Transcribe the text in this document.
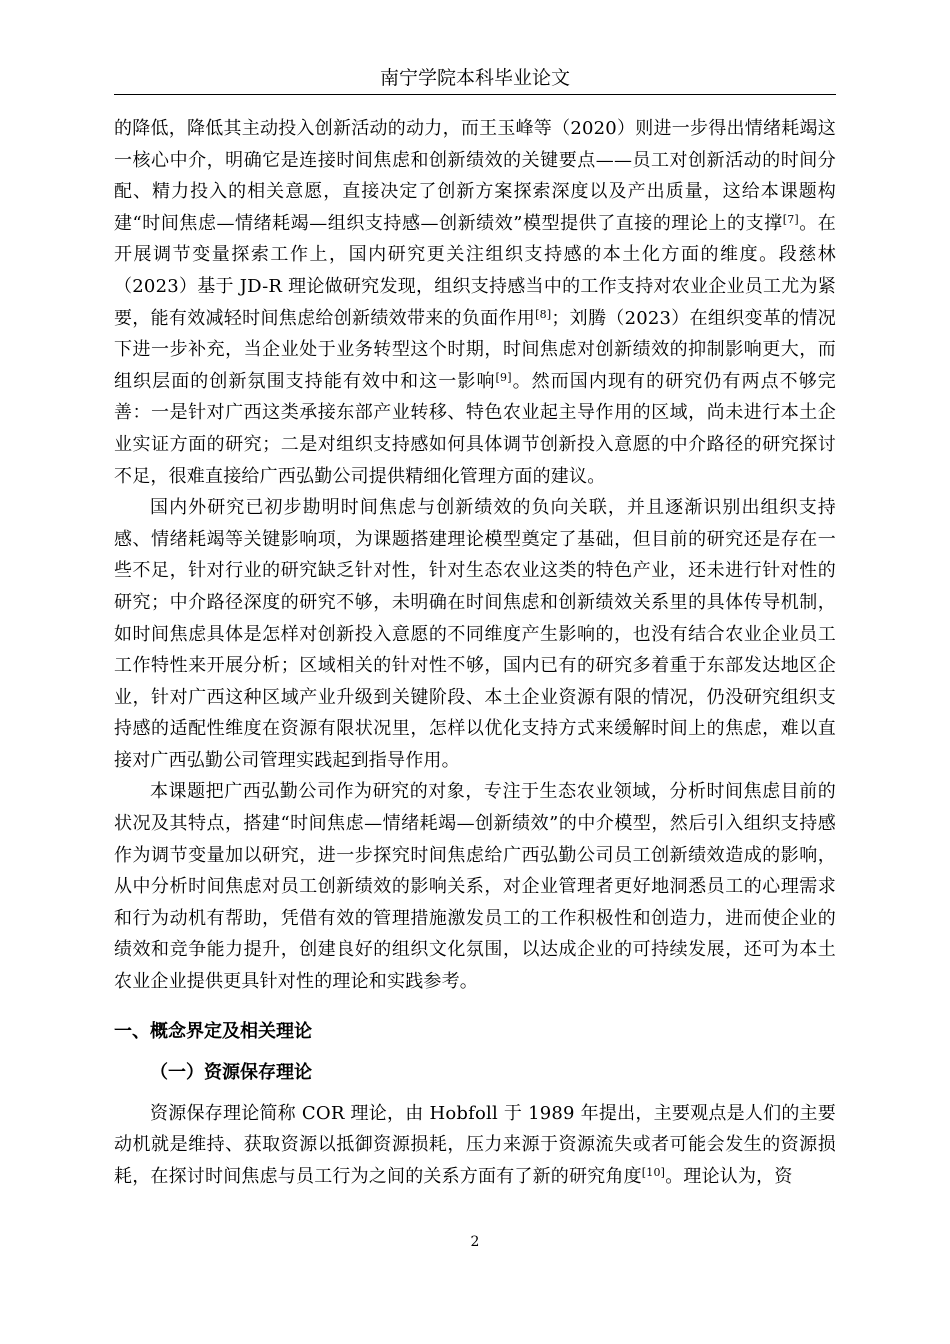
南宁学院本科毕业论文

的降低，降低其主动投入创新活动的动力，而王玉峰等（2020）则进一步得出情绪耗竭这一核心中介，明确它是连接时间焦虑和创新绩效的关键要点——员工对创新活动的时间分配、精力投入的相关意愿，直接决定了创新方案探索深度以及产出质量，这给本课题构建“时间焦虑—情绪耗竭—组织支持感—创新绩效”模型提供了直接的理论上的支撑[7]。在开展调节变量探索工作上，国内研究更关注组织支持感的本土化方面的维度。段慈林（2023）基于 JD-R 理论做研究发现，组织支持感当中的工作支持对农业企业员工尤为紧要，能有效减轻时间焦虑给创新绩效带来的负面作用[8]；刘腾（2023）在组织变革的情况下进一步补充，当企业处于业务转型这个时期，时间焦虑对创新绩效的抑制影响更大，而组织层面的创新氛围支持能有效中和这一影响[9]。然而国内现有的研究仍有两点不够完善：一是针对广西这类承接东部产业转移、特色农业起主导作用的区域，尚未进行本土企业实证方面的研究；二是对组织支持感如何具体调节创新投入意愿的中介路径的研究探讨不足，很难直接给广西弘勤公司提供精细化管理方面的建议。

国内外研究已初步勘明时间焦虑与创新绩效的负向关联，并且逐渐识别出组织支持感、情绪耗竭等关键影响项，为课题搭建理论模型奠定了基础，但目前的研究还是存在一些不足，针对行业的研究缺乏针对性，针对生态农业这类的特色产业，还未进行针对性的研究；中介路径深度的研究不够，未明确在时间焦虑和创新绩效关系里的具体传导机制，如时间焦虑具体是怎样对创新投入意愿的不同维度产生影响的，也没有结合农业企业员工工作特性来开展分析；区域相关的针对性不够，国内已有的研究多着重于东部发达地区企业，针对广西这种区域产业升级到关键阶段、本土企业资源有限的情况，仍没研究组织支持感的适配性维度在资源有限状况里，怎样以优化支持方式来缓解时间上的焦虑，难以直接对广西弘勤公司管理实践起到指导作用。

本课题把广西弘勤公司作为研究的对象，专注于生态农业领域，分析时间焦虑目前的状况及其特点，搭建“时间焦虑—情绪耗竭—创新绩效”的中介模型，然后引入组织支持感作为调节变量加以研究，进一步探究时间焦虑给广西弘勤公司员工创新绩效造成的影响，从中分析时间焦虑对员工创新绩效的影响关系，对企业管理者更好地洞悉员工的心理需求和行为动机有帮助，凭借有效的管理措施激发员工的工作积极性和创造力，进而使企业的绩效和竞争能力提升，创建良好的组织文化氛围，以达成企业的可持续发展，还可为本土农业企业提供更具针对性的理论和实践参考。

一、概念界定及相关理论
（一）资源保存理论

资源保存理论简称 COR 理论，由 Hobfoll 于 1989 年提出，主要观点是人们的主要动机就是维持、获取资源以抵御资源损耗，压力来源于资源流失或者可能会发生的资源损耗，在探讨时间焦虑与员工行为之间的关系方面有了新的研究角度[10]。理论认为，资

2
